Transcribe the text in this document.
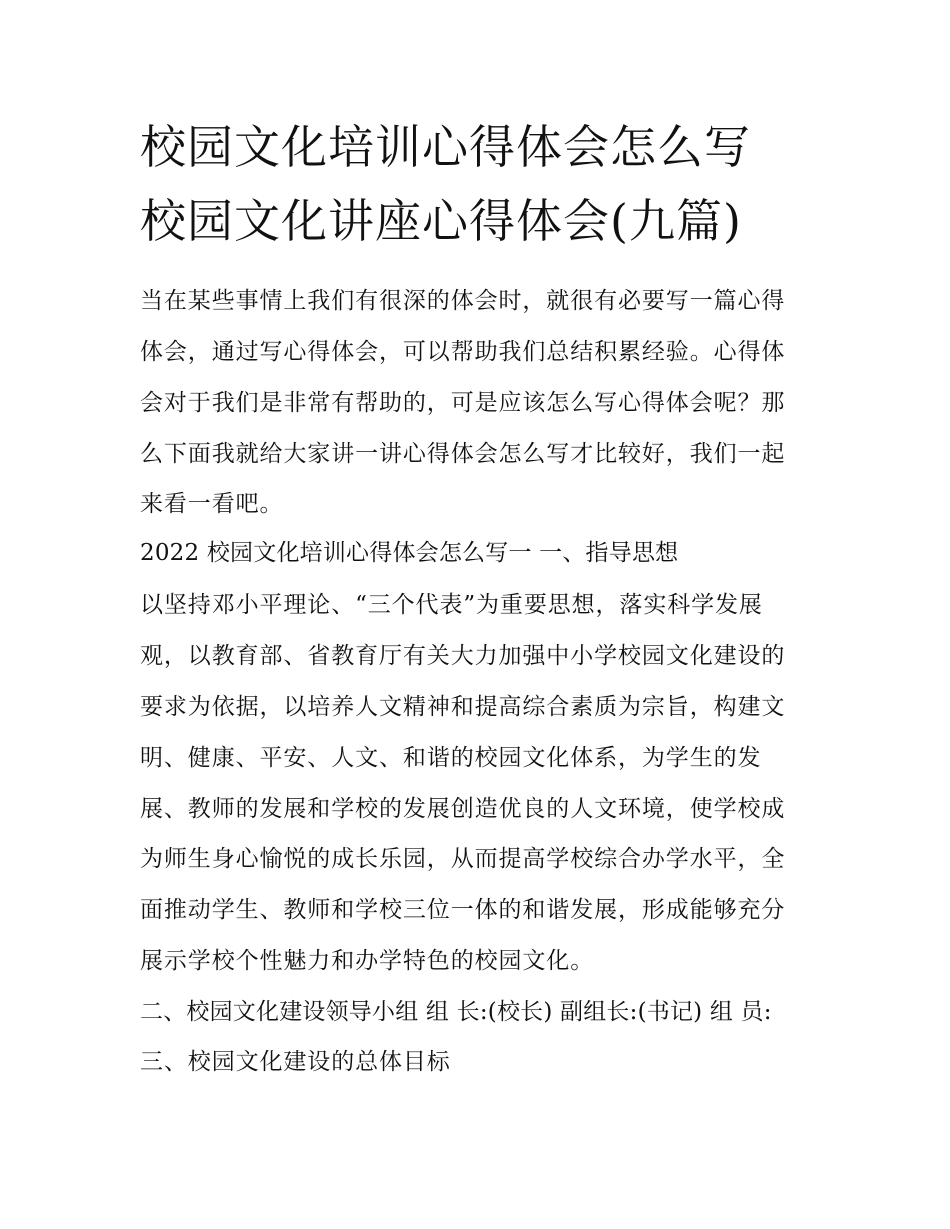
校园文化培训心得体会怎么写
校园文化讲座心得体会(九篇)

当在某些事情上我们有很深的体会时，就很有必要写一篇心得

体会，通过写心得体会，可以帮助我们总结积累经验。心得体

会对于我们是非常有帮助的，可是应该怎么写心得体会呢？那

么下面我就给大家讲一讲心得体会怎么写才比较好，我们一起

来看一看吧。

2022 校园文化培训心得体会怎么写一 一、指导思想

以坚持邓小平理论、“三个代表”为重要思想，落实科学发展

观，以教育部、省教育厅有关大力加强中小学校园文化建设的

要求为依据，以培养人文精神和提高综合素质为宗旨，构建文

明、健康、平安、人文、和谐的校园文化体系，为学生的发

展、教师的发展和学校的发展创造优良的人文环境，使学校成

为师生身心愉悦的成长乐园，从而提高学校综合办学水平，全

面推动学生、教师和学校三位一体的和谐发展，形成能够充分

展示学校个性魅力和办学特色的校园文化。

二、校园文化建设领导小组 组 长:(校长) 副组长:(书记) 组 员:

三、校园文化建设的总体目标
